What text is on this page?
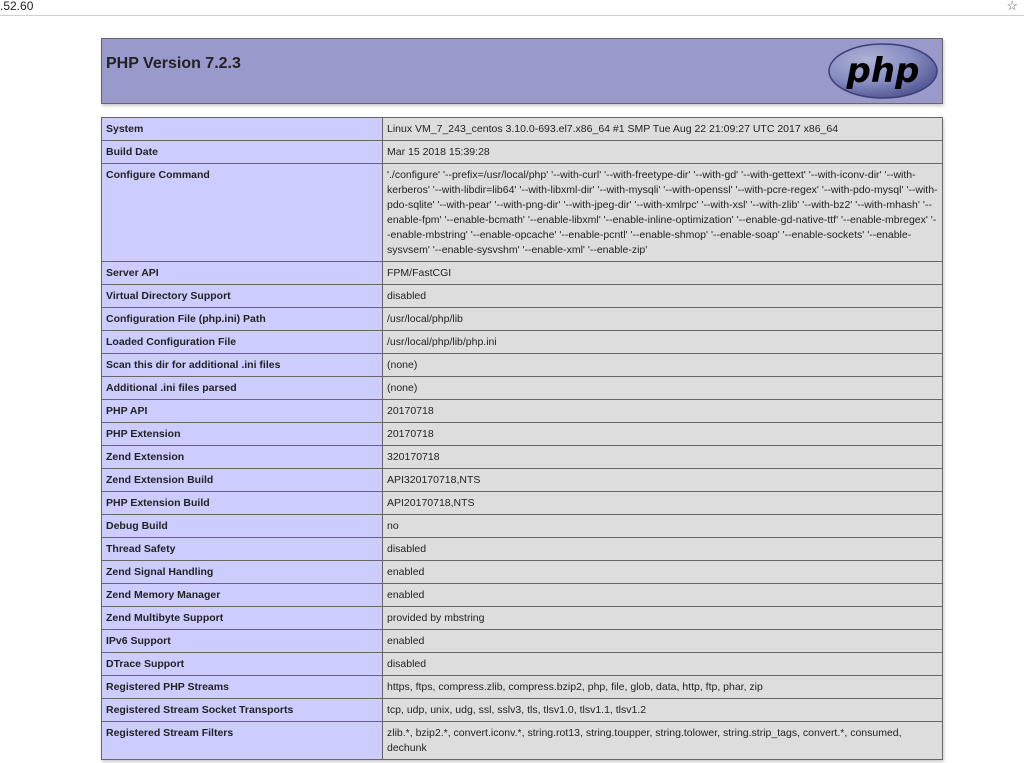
.52.60	☆
PHP Version 7.2.3	php
System	Linux VM_7_243_centos 3.10.0-693.el7.x86_64 #1 SMP Tue Aug 22 21:09:27 UTC 2017 x86_64
Build Date	Mar 15 2018 15:39:28
Configure Command	'./configure' '--prefix=/usr/local/php' '--with-curl' '--with-freetype-dir' '--with-gd' '--with-gettext' '--with-iconv-dir' '--with-kerberos' '--with-libdir=lib64' '--with-libxml-dir' '--with-mysqli' '--with-openssl' '--with-pcre-regex' '--with-pdo-mysql' '--with-pdo-sqlite' '--with-pear' '--with-png-dir' '--with-jpeg-dir' '--with-xmlrpc' '--with-xsl' '--with-zlib' '--with-bz2' '--with-mhash' '--enable-fpm' '--enable-bcmath' '--enable-libxml' '--enable-inline-optimization' '--enable-gd-native-ttf' '--enable-mbregex' '--enable-mbstring' '--enable-opcache' '--enable-pcntl' '--enable-shmop' '--enable-soap' '--enable-sockets' '--enable-sysvsem' '--enable-sysvshm' '--enable-xml' '--enable-zip'
Server API	FPM/FastCGI
Virtual Directory Support	disabled
Configuration File (php.ini) Path	/usr/local/php/lib
Loaded Configuration File	/usr/local/php/lib/php.ini
Scan this dir for additional .ini files	(none)
Additional .ini files parsed	(none)
PHP API	20170718
PHP Extension	20170718
Zend Extension	320170718
Zend Extension Build	API320170718,NTS
PHP Extension Build	API20170718,NTS
Debug Build	no
Thread Safety	disabled
Zend Signal Handling	enabled
Zend Memory Manager	enabled
Zend Multibyte Support	provided by mbstring
IPv6 Support	enabled
DTrace Support	disabled
Registered PHP Streams	https, ftps, compress.zlib, compress.bzip2, php, file, glob, data, http, ftp, phar, zip
Registered Stream Socket Transports	tcp, udp, unix, udg, ssl, sslv3, tls, tlsv1.0, tlsv1.1, tlsv1.2
Registered Stream Filters	zlib.*, bzip2.*, convert.iconv.*, string.rot13, string.toupper, string.tolower, string.strip_tags, convert.*, consumed, dechunk
